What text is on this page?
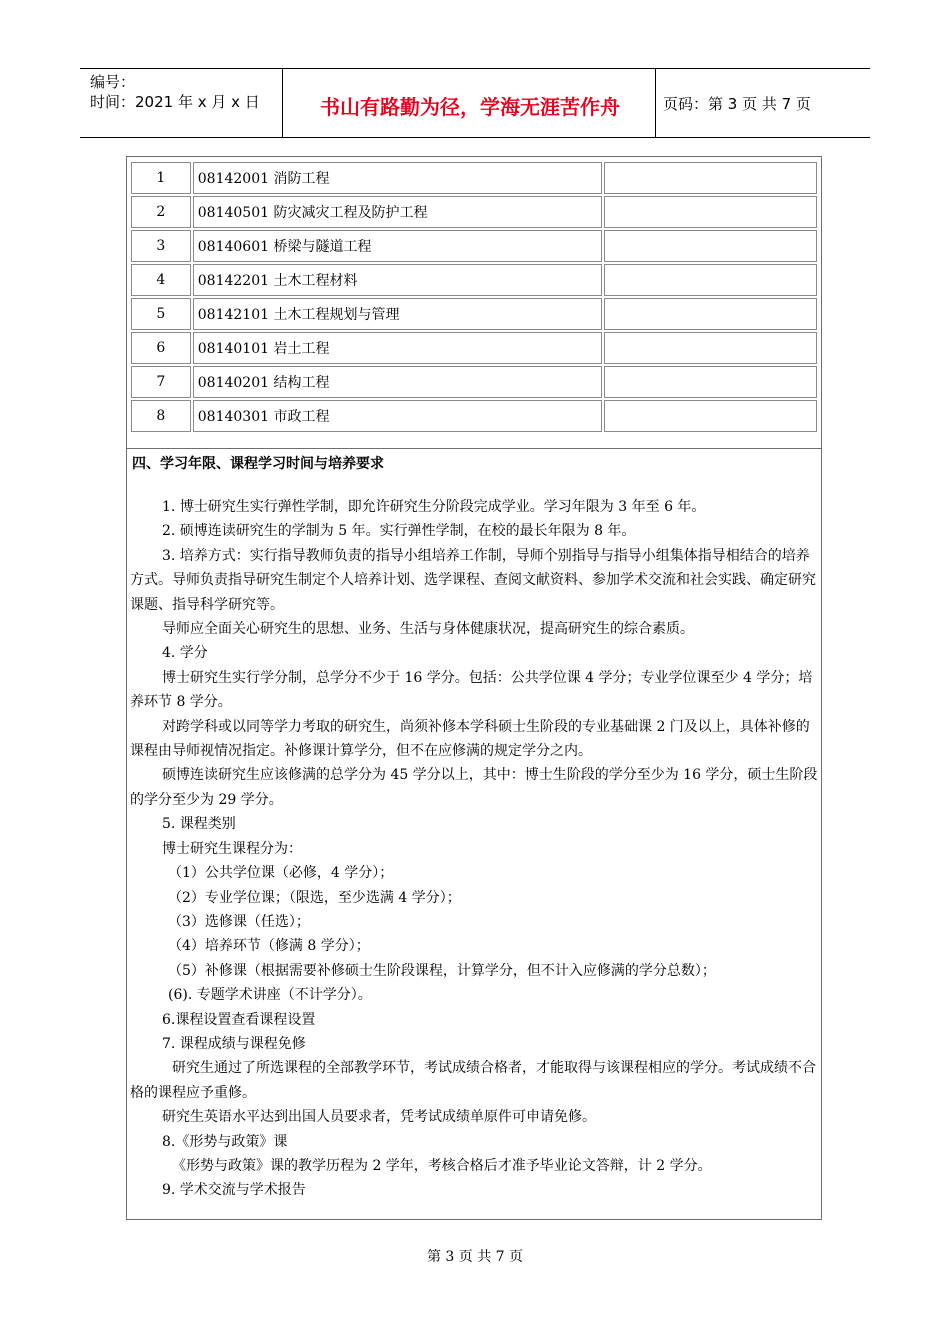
编号：
时间：2021 年 x 月 x 日	书山有路勤为径，学海无涯苦作舟	页码：第 3 页 共 7 页
1	08142001 消防工程	
2	08140501 防灾减灾工程及防护工程	
3	08140601 桥梁与隧道工程	
4	08142201 土木工程材料	
5	08142101 土木工程规划与管理	
6	08140101 岩土工程	
7	08140201 结构工程	
8	08140301 市政工程	
四、学习年限、课程学习时间与培养要求

1. 博士研究生实行弹性学制，即允许研究生分阶段完成学业。学习年限为 3 年至 6 年。

2. 硕博连读研究生的学制为 5 年。实行弹性学制，在校的最长年限为 8 年。

3. 培养方式：实行指导教师负责的指导小组培养工作制，导师个别指导与指导小组集体指导相结合的培养方式。导师负责指导研究生制定个人培养计划、选学课程、查阅文献资料、参加学术交流和社会实践、确定研究课题、指导科学研究等。

导师应全面关心研究生的思想、业务、生活与身体健康状况，提高研究生的综合素质。

4. 学分

博士研究生实行学分制，总学分不少于 16 学分。包括：公共学位课 4 学分；专业学位课至少 4 学分；培养环节 8 学分。

对跨学科或以同等学力考取的研究生，尚须补修本学科硕士生阶段的专业基础课 2 门及以上，具体补修的课程由导师视情况指定。补修课计算学分，但不在应修满的规定学分之内。

硕博连读研究生应该修满的总学分为 45 学分以上，其中：博士生阶段的学分至少为 16 学分，硕士生阶段的学分至少为 29 学分。

5. 课程类别

博士研究生课程分为：

（1）公共学位课（必修，4 学分）；

（2）专业学位课；（限选，至少选满 4 学分）；

（3）选修课（任选）；

（4）培养环节（修满 8 学分）；

（5）补修课（根据需要补修硕士生阶段课程，计算学分，但不计入应修满的学分总数）；

(6). 专题学术讲座（不计学分）。

6.课程设置查看课程设置

7. 课程成绩与课程免修

研究生通过了所选课程的全部教学环节，考试成绩合格者，才能取得与该课程相应的学分。考试成绩不合格的课程应予重修。

研究生英语水平达到出国人员要求者，凭考试成绩单原件可申请免修。

8.《形势与政策》课

《形势与政策》课的教学历程为 2 学年，考核合格后才准予毕业论文答辩，计 2 学分。

9. 学术交流与学术报告

第 3 页 共 7 页
